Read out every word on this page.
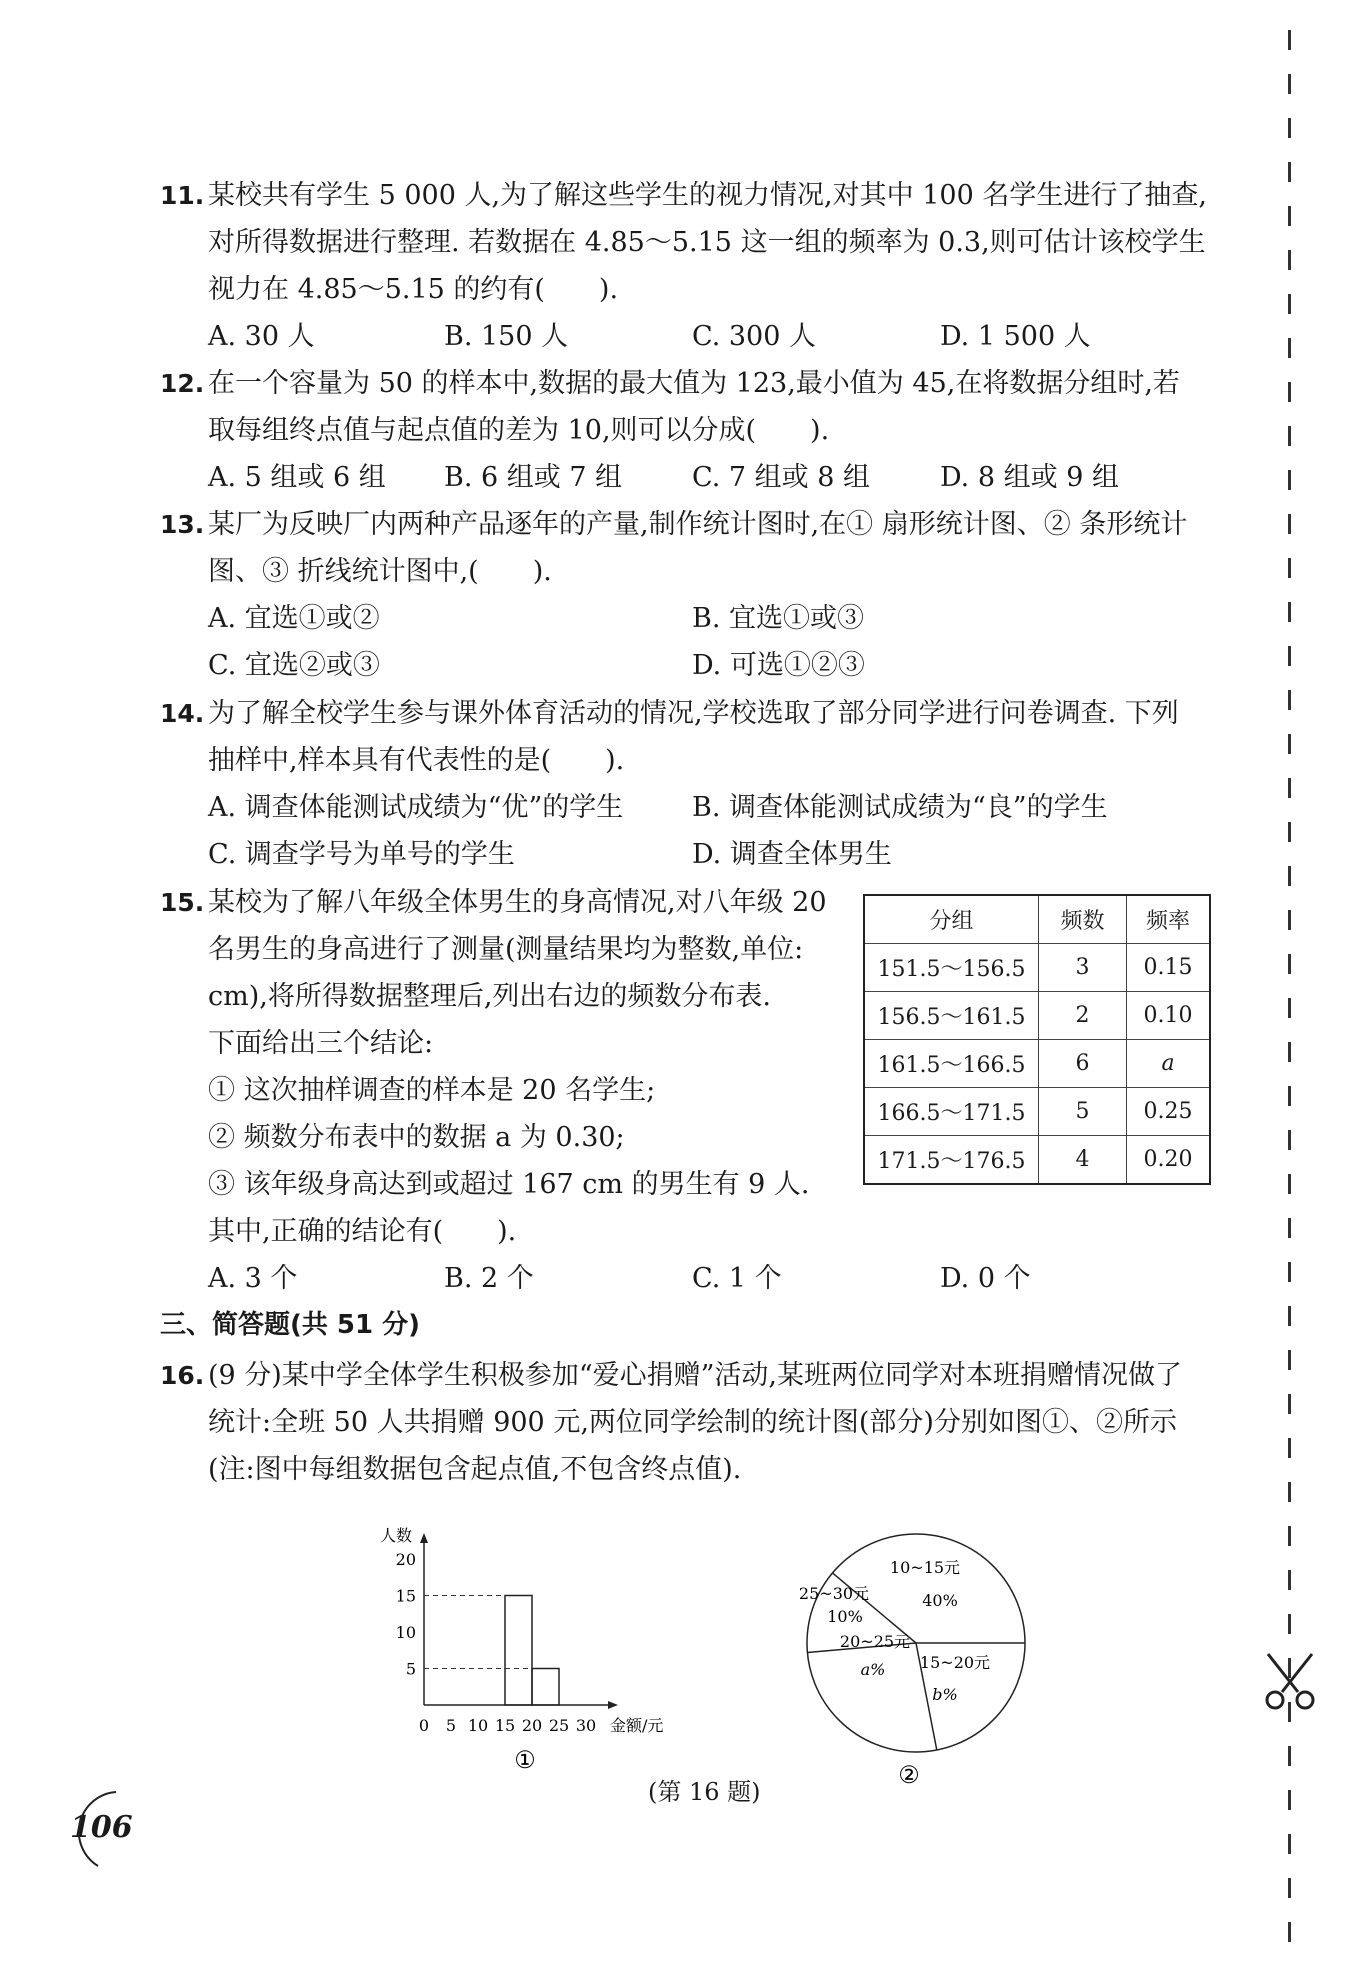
11. 某校共有学生 5 000 人,为了解这些学生的视力情况,对其中 100 名学生进行了抽查,
对所得数据进行整理. 若数据在 4.85～5.15 这一组的频率为 0.3,则可估计该校学生
视力在 4.85～5.15 的约有(　　).
A. 30 人	B. 150 人	C. 300 人	D. 1 500 人
12. 在一个容量为 50 的样本中,数据的最大值为 123,最小值为 45,在将数据分组时,若
取每组终点值与起点值的差为 10,则可以分成(　　).
A. 5 组或 6 组 B. 6 组或 7 组	C. 7 组或 8 组	D. 8 组或 9 组
13. 某厂为反映厂内两种产品逐年的产量,制作统计图时,在① 扇形统计图、② 条形统计
图、③ 折线统计图中,(　　).
A. 宜选①或②	B. 宜选①或③
C. 宜选②或③	D. 可选①②③
14. 为了解全校学生参与课外体育活动的情况,学校选取了部分同学进行问卷调查. 下列
抽样中,样本具有代表性的是(　　).
A. 调查体能测试成绩为“优”的学生	B. 调查体能测试成绩为“良”的学生
C. 调查学号为单号的学生	D. 调查全体男生
15. 某校为了解八年级全体男生的身高情况,对八年级 20
名男生的身高进行了测量(测量结果均为整数,单位:
cm),将所得数据整理后,列出右边的频数分布表.
下面给出三个结论:
① 这次抽样调查的样本是 20 名学生;
② 频数分布表中的数据 a 为 0.30;
③ 该年级身高达到或超过 167 cm 的男生有 9 人.
其中,正确的结论有(　　).
A. 3 个	B. 2 个	C. 1 个	D. 0 个
分组	频数	频率
151.5～156.5	3	0.15
156.5～161.5	2	0.10
161.5～166.5	6	a
166.5～171.5	5	0.25
171.5～176.5	4	0.20
三、简答题(共 51 分)
16. (9 分)某中学全体学生积极参加“爱心捐赠”活动,某班两位同学对本班捐赠情况做了
统计:全班 50 人共捐赠 900 元,两位同学绘制的统计图(部分)分别如图①、②所示
(注:图中每组数据包含起点值,不包含终点值).
人数
金额/元
5
10
15
20
0 5 10 15 20 25 30
①
10~15元
40%
15~20元
b%
20~25元
a%
25~30元
10%
②
(第 16 题)
106
